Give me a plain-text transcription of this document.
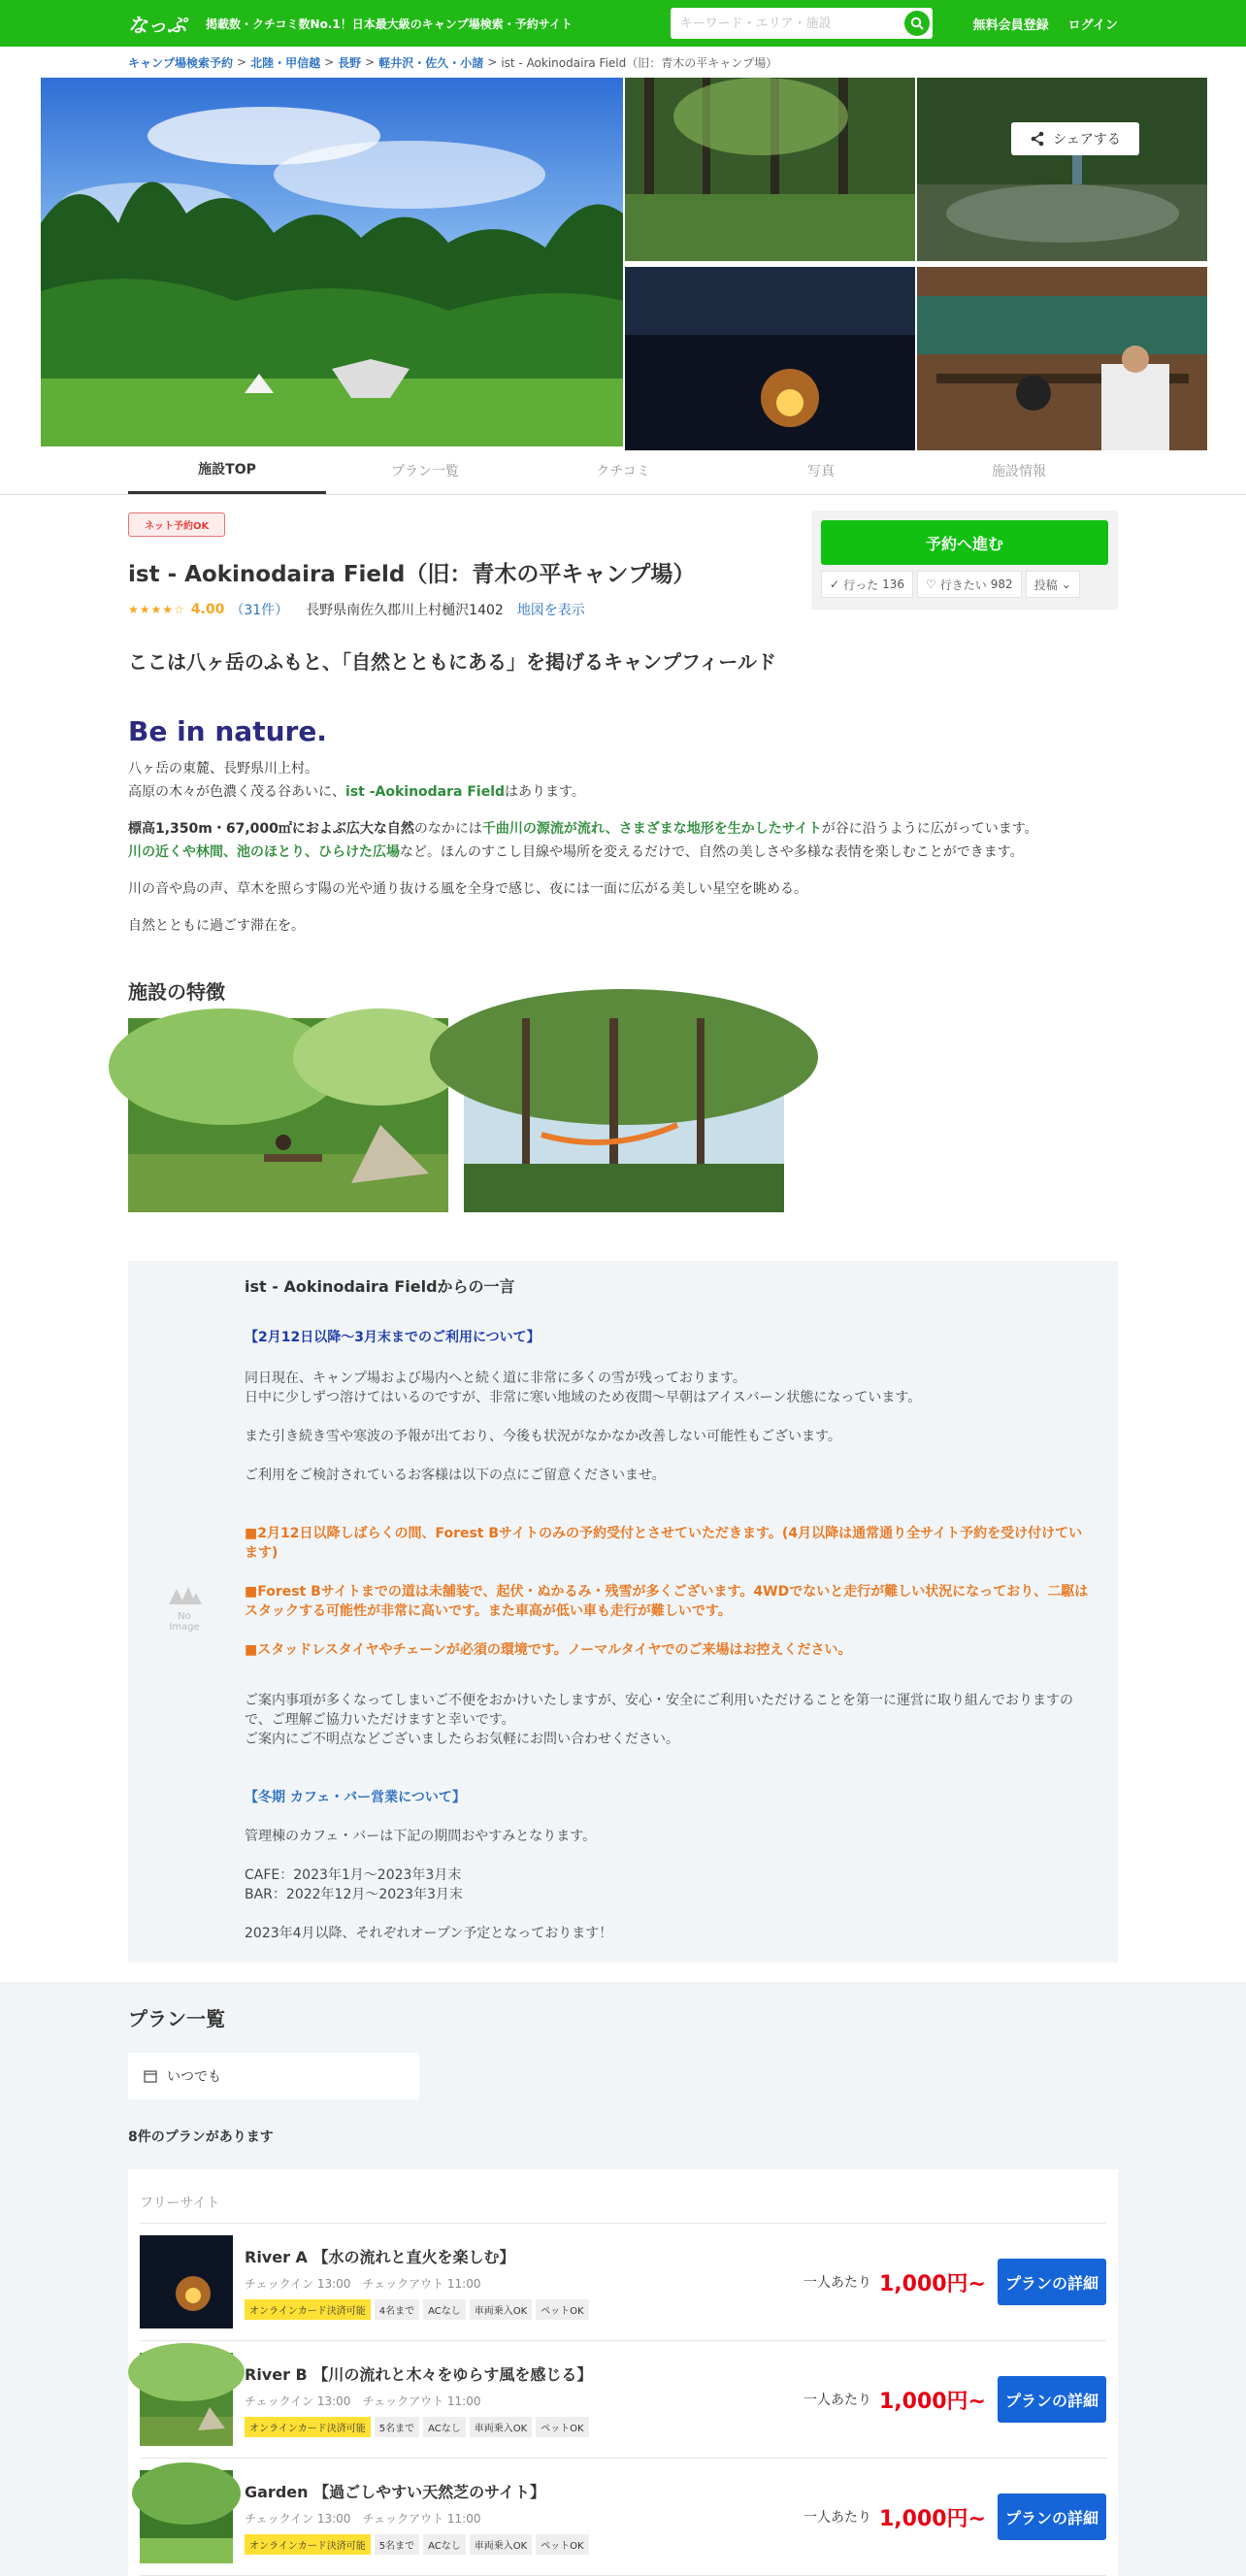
なっぷ 掲載数・クチコミ数No.1！日本最大級のキャンプ場検索・予約サイト
キーワード・エリア・施設	無料会員登録 ログイン
キャンプ場検索予約 > 北陸・甲信越 > 長野 > 軽井沢・佐久・小諸 > ist - Aokinodaira Field（旧：青木の平キャンプ場）
シェアする
施設TOP	プラン一覧	クチコミ	写真	施設情報
ネット予約OK
ist - Aokinodaira Field（旧：青木の平キャンプ場）
★★★★☆ 4.00 （31件） 長野県南佐久郡川上村樋沢1402 地図を表示
予約へ進む
✓ 行った 136 ♡ 行きたい 982 投稿 ⌄
ここは八ヶ岳のふもと、「自然とともにある」を掲げるキャンプフィールド
Be in nature.

八ヶ岳の東麓、長野県川上村。
高原の木々が色濃く茂る谷あいに、ist -Aokinodara Fieldはあります。

標高1,350m・67,000㎡におよぶ広大な自然のなかには千曲川の源流が流れ、さまざまな地形を生かしたサイトが谷に沿うように広がっています。
川の近くや林間、池のほとり、ひらけた広場など。ほんのすこし目線や場所を変えるだけで、自然の美しさや多様な表情を楽しむことができます。

川の音や鳥の声、草木を照らす陽の光や通り抜ける風を全身で感じ、夜には一面に広がる美しい星空を眺める。

自然とともに過ごす滞在を。

施設の特徴
ist - Aokinodaira Fieldからの一言
No Image
【2月12日以降〜3月末までのご利用について】
同日現在、キャンプ場および場内へと続く道に非常に多くの雪が残っております。
日中に少しずつ溶けてはいるのですが、非常に寒い地域のため夜間〜早朝はアイスバーン状態になっています。
また引き続き雪や寒波の予報が出ており、今後も状況がなかなか改善しない可能性もございます。
ご利用をご検討されているお客様は以下の点にご留意くださいませ。
■2月12日以降しばらくの間、Forest Bサイトのみの予約受付とさせていただきます。(4月以降は通常通り全サイト予約を受け付けています)
■Forest Bサイトまでの道は未舗装で、起伏・ぬかるみ・残雪が多くございます。4WDでないと走行が難しい状況になっており、二駆はスタックする可能性が非常に高いです。また車高が低い車も走行が難しいです。
■スタッドレスタイヤやチェーンが必須の環境です。ノーマルタイヤでのご来場はお控えください。
ご案内事項が多くなってしまいご不便をおかけいたしますが、安心・安全にご利用いただけることを第一に運営に取り組んでおりますので、ご理解ご協力いただけますと幸いです。
ご案内にご不明点などございましたらお気軽にお問い合わせください。
【冬期 カフェ・バー営業について】
管理棟のカフェ・バーは下記の期間おやすみとなります。
CAFE：2023年1月〜2023年3月末
BAR：2022年12月〜2023年3月末
2023年4月以降、それぞれオープン予定となっております！
プラン一覧
いつでも
8件のプランがあります
フリーサイト
River A 【水の流れと直火を楽しむ】
チェックイン 13:00　 チェックアウト 11:00
オンラインカード決済可能	4名まで	ACなし	車両乗入OK	ペットOK
一人あたり 1,000円~	プランの詳細
River B 【川の流れと木々をゆらす風を感じる】
チェックイン 13:00　 チェックアウト 11:00
オンラインカード決済可能	5名まで	ACなし	車両乗入OK	ペットOK
一人あたり 1,000円~	プランの詳細
Garden 【過ごしやすい天然芝のサイト】
チェックイン 13:00　 チェックアウト 11:00
オンラインカード決済可能	5名まで	ACなし	車両乗入OK	ペットOK
一人あたり 1,000円~	プランの詳細
